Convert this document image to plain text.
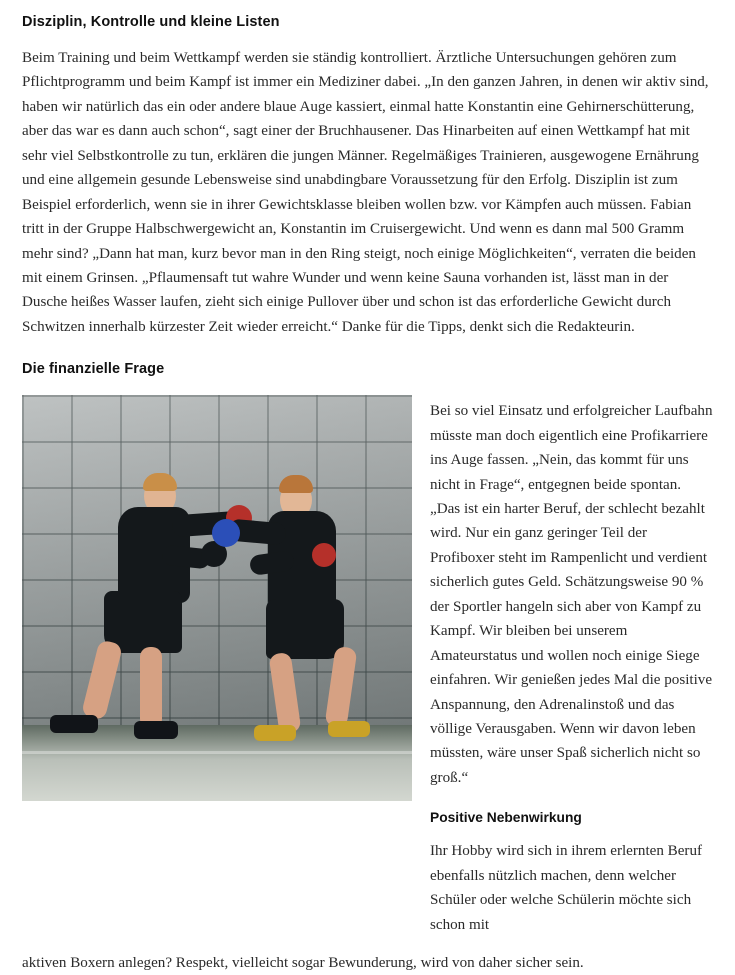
Disziplin, Kontrolle und kleine Listen

Beim Training und beim Wettkampf werden sie ständig kontrolliert. Ärztliche Untersuchungen gehören zum Pflichtprogramm und beim Kampf ist immer ein Mediziner dabei. „In den ganzen Jahren, in denen wir aktiv sind, haben wir natürlich das ein oder andere blaue Auge kassiert, einmal hatte Konstantin eine Gehirnerschütterung, aber das war es dann auch schon“, sagt einer der Bruchhausener. Das Hinarbeiten auf einen Wettkampf hat mit sehr viel Selbstkontrolle zu tun, erklären die jungen Männer. Regelmäßiges Trainieren, ausgewogene Ernährung und eine allgemein gesunde Lebensweise sind unabdingbare Voraussetzung für den Erfolg. Disziplin ist zum Beispiel erforderlich, wenn sie in ihrer Gewichtsklasse bleiben wollen bzw. vor Kämpfen auch müssen. Fabian tritt in der Gruppe Halbschwergewicht an, Konstantin im Cruisergewicht. Und wenn es dann mal 500 Gramm mehr sind? „Dann hat man, kurz bevor man in den Ring steigt, noch einige Möglichkeiten“, verraten die beiden mit einem Grinsen. „Pflaumensaft tut wahre Wunder und wenn keine Sauna vorhanden ist, lässt man in der Dusche heißes Wasser laufen, zieht sich einige Pullover über und schon ist das erforderliche Gewicht durch Schwitzen innerhalb kürzester Zeit wieder erreicht.“ Danke für die Tipps, denkt sich die Redakteurin.

Die finanzielle Frage

Bei so viel Einsatz und erfolgreicher Laufbahn müsste man doch eigentlich eine Profikarriere ins Auge fassen. „Nein, das kommt für uns nicht in Frage“, entgegnen beide spontan. „Das ist ein harter Beruf, der schlecht bezahlt wird. Nur ein ganz geringer Teil der Profiboxer steht im Rampenlicht und verdient sicherlich gutes Geld. Schätzungsweise 90 % der Sportler hangeln sich aber von Kampf zu Kampf. Wir bleiben bei unserem Amateurstatus und wollen noch einige Siege einfahren. Wir genießen jedes Mal die positive Anspannung, den Adrenalinstoß und das völlige Verausgaben. Wenn wir davon leben müssten, wäre unser Spaß sicherlich nicht so groß.“

Positive Nebenwirkung

Ihr Hobby wird sich in ihrem erlernten Beruf ebenfalls nützlich machen, denn welcher Schüler oder welche Schülerin möchte sich schon mit

aktiven Boxern anlegen? Respekt, vielleicht sogar Bewunderung, wird von daher sicher sein.
